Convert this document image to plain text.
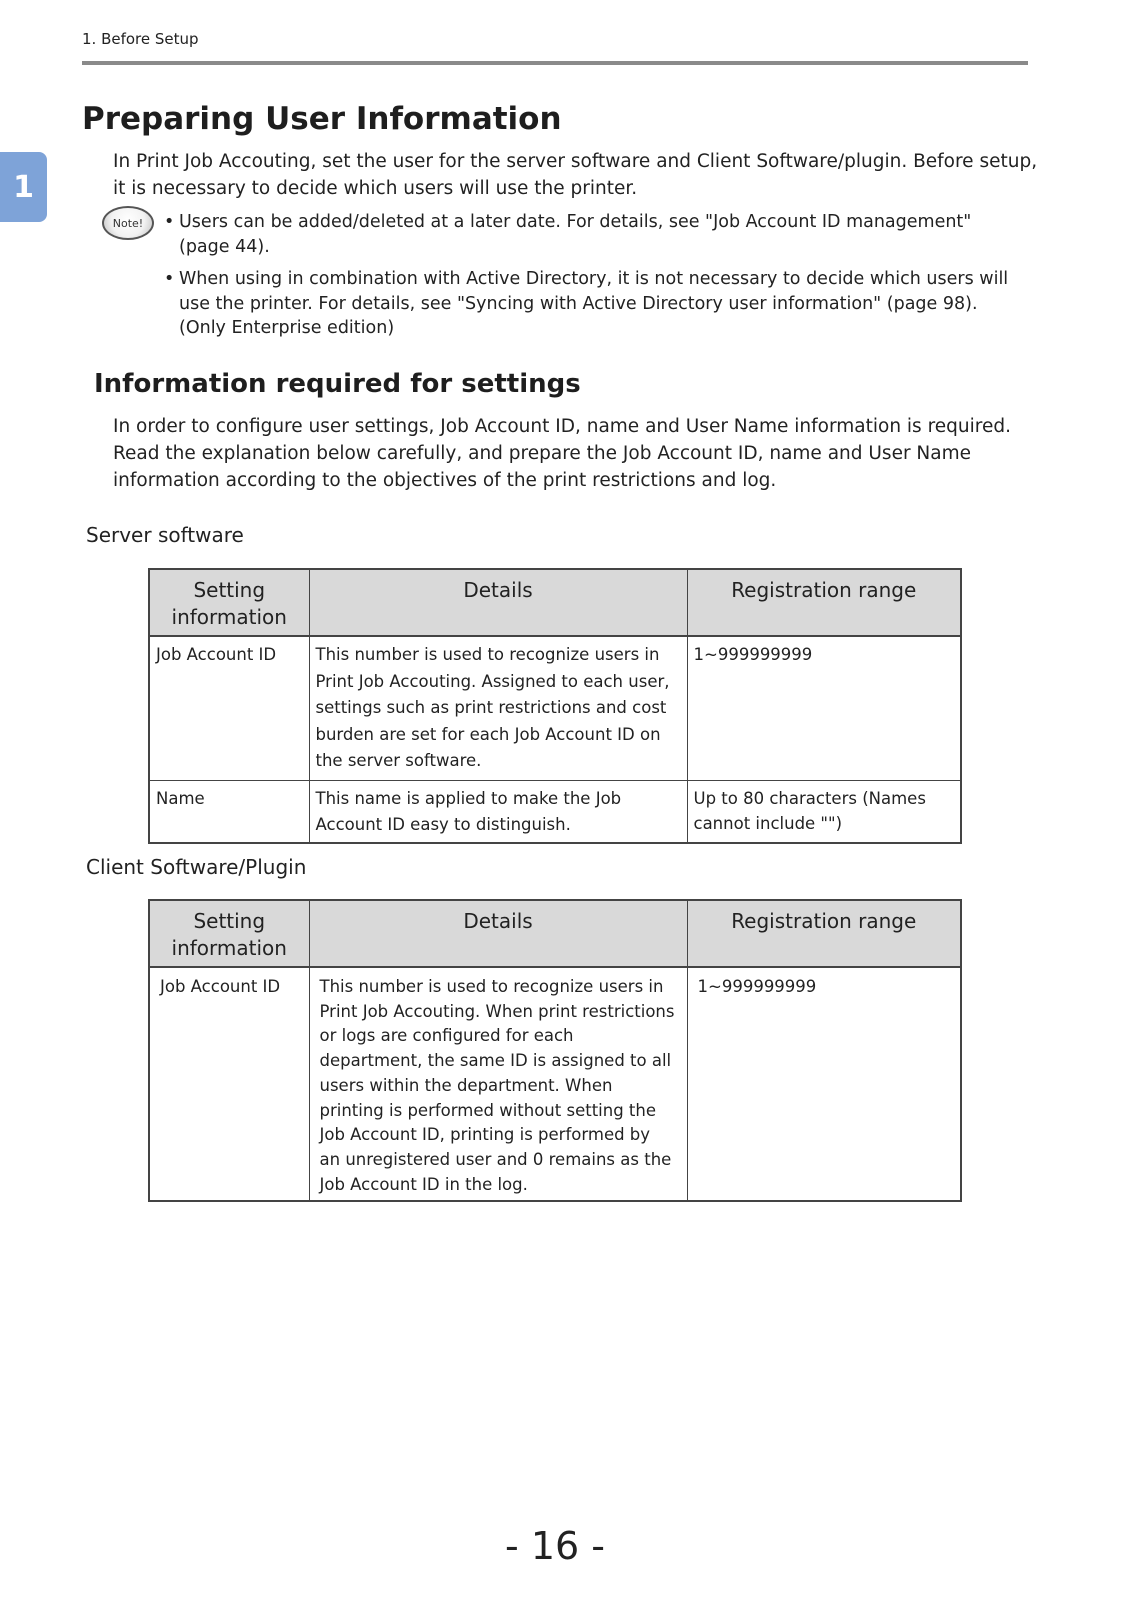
1. Before Setup
1
Preparing User Information

In Print Job Accouting, set the user for the server software and Client Software/plugin. Before setup, it is necessary to decide which users will use the printer.

Note!	• Users can be added/deleted at a later date. For details, see "Job Account ID management" (page 44).
• When using in combination with Active Directory, it is not necessary to decide which users will use the printer. For details, see "Syncing with Active Directory user information" (page 98). (Only Enterprise edition)
Information required for settings
In order to configure user settings, Job Account ID, name and User Name information is required.
Read the explanation below carefully, and prepare the Job Account ID, name and User Name information according to the objectives of the print restrictions and log.

Server software

Setting information	Details	Registration range
Job Account ID	This number is used to recognize users in Print Job Accouting. Assigned to each user, settings such as print restrictions and cost burden are set for each Job Account ID on the server software.	1~999999999
Name	This name is applied to make the Job Account ID easy to distinguish.	Up to 80 characters (Names cannot include "")

Client Software/Plugin

Setting information	Details	Registration range
Job Account ID	This number is used to recognize users in Print Job Accouting. When print restrictions or logs are configured for each department, the same ID is assigned to all users within the department. When printing is performed without setting the Job Account ID, printing is performed by an unregistered user and 0 remains as the Job Account ID in the log.	1~999999999
- 16 -
